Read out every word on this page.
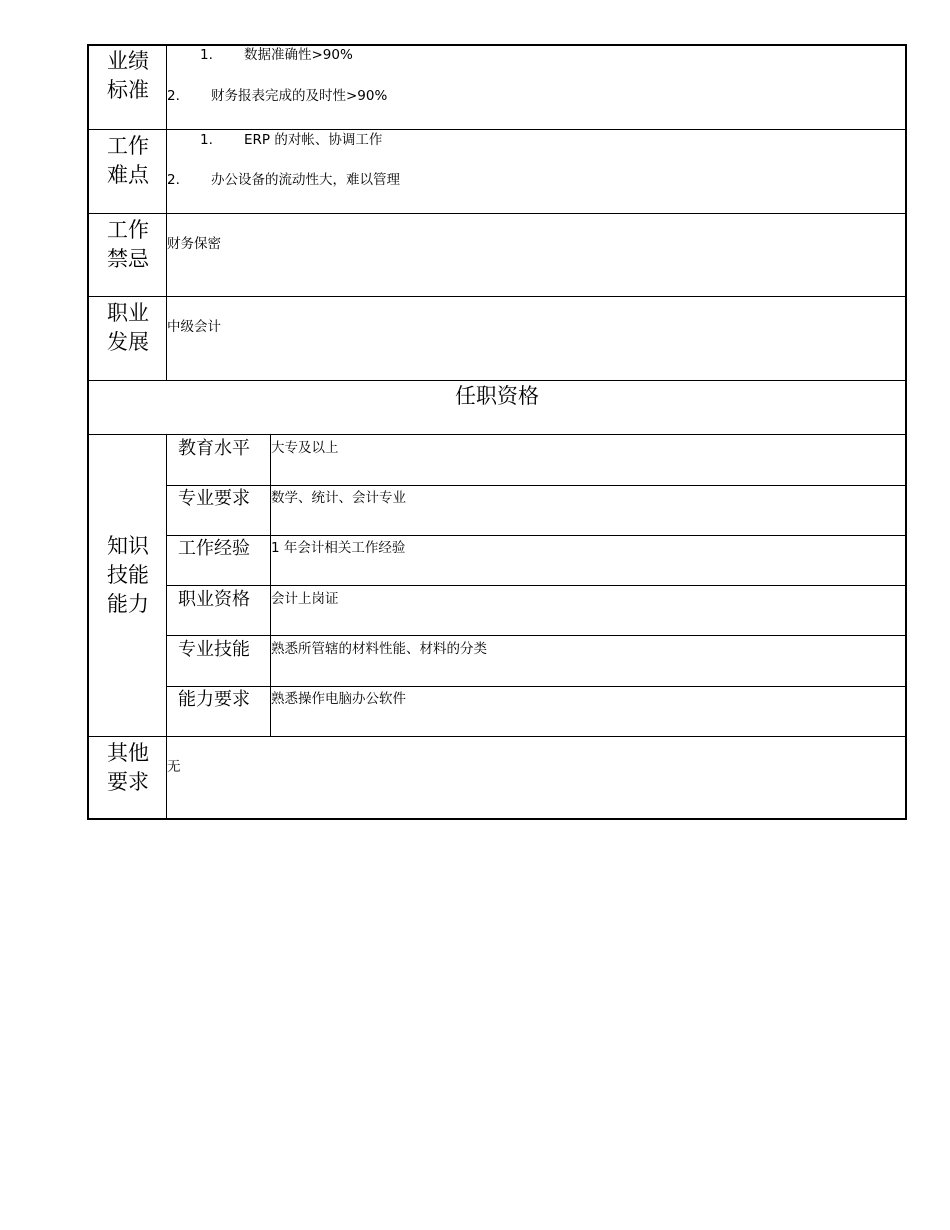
业绩标准
1. 数据准确性>90%
2. 财务报表完成的及时性>90%
工作难点
1. ERP 的对帐、协调工作
2. 办公设备的流动性大，难以管理
工作禁忌
财务保密
职业发展
中级会计
任职资格
知识技能能力
教育水平 大专及以上
专业要求 数学、统计、会计专业
工作经验 1 年会计相关工作经验
职业资格 会计上岗证
专业技能 熟悉所管辖的材料性能、材料的分类
能力要求 熟悉操作电脑办公软件
其他要求
无
